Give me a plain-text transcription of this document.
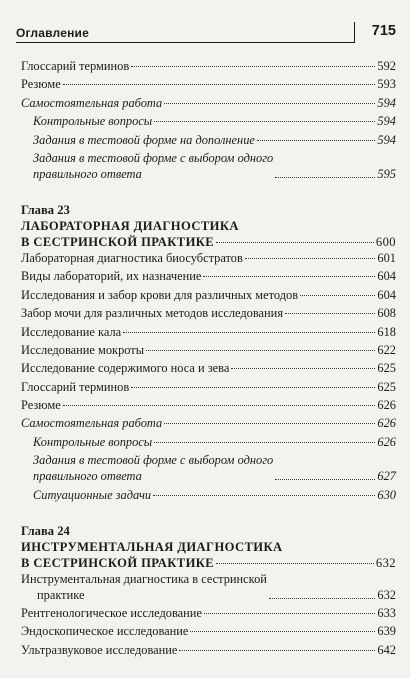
Оглавление	715
Глоссарий терминов	592
Резюме	593
Самостоятельная работа	594
Контрольные вопросы	594
Задания в тестовой форме на дополнение	594
Задания в тестовой форме с выбором одного
правильного ответа	595
Глава 23
ЛАБОРАТОРНАЯ ДИАГНОСТИКА
В СЕСТРИНСКОЙ ПРАКТИКЕ	600
Лабораторная диагностика биосубстратов	601
Виды лабораторий, их назначение	604
Исследования и забор крови для различных методов	604
Забор мочи для различных методов исследования	608
Исследование кала	618
Исследование мокроты	622
Исследование содержимого носа и зева	625
Глоссарий терминов	625
Резюме	626
Самостоятельная работа	626
Контрольные вопросы	626
Задания в тестовой форме с выбором одного
правильного ответа	627
Ситуационные задачи	630
Глава 24
ИНСТРУМЕНТАЛЬНАЯ ДИАГНОСТИКА
В СЕСТРИНСКОЙ ПРАКТИКЕ	632
Инструментальная диагностика в сестринской
практике	632
Рентгенологическое исследование	633
Эндоскопическое исследование	639
Ультразвуковое исследование	642
